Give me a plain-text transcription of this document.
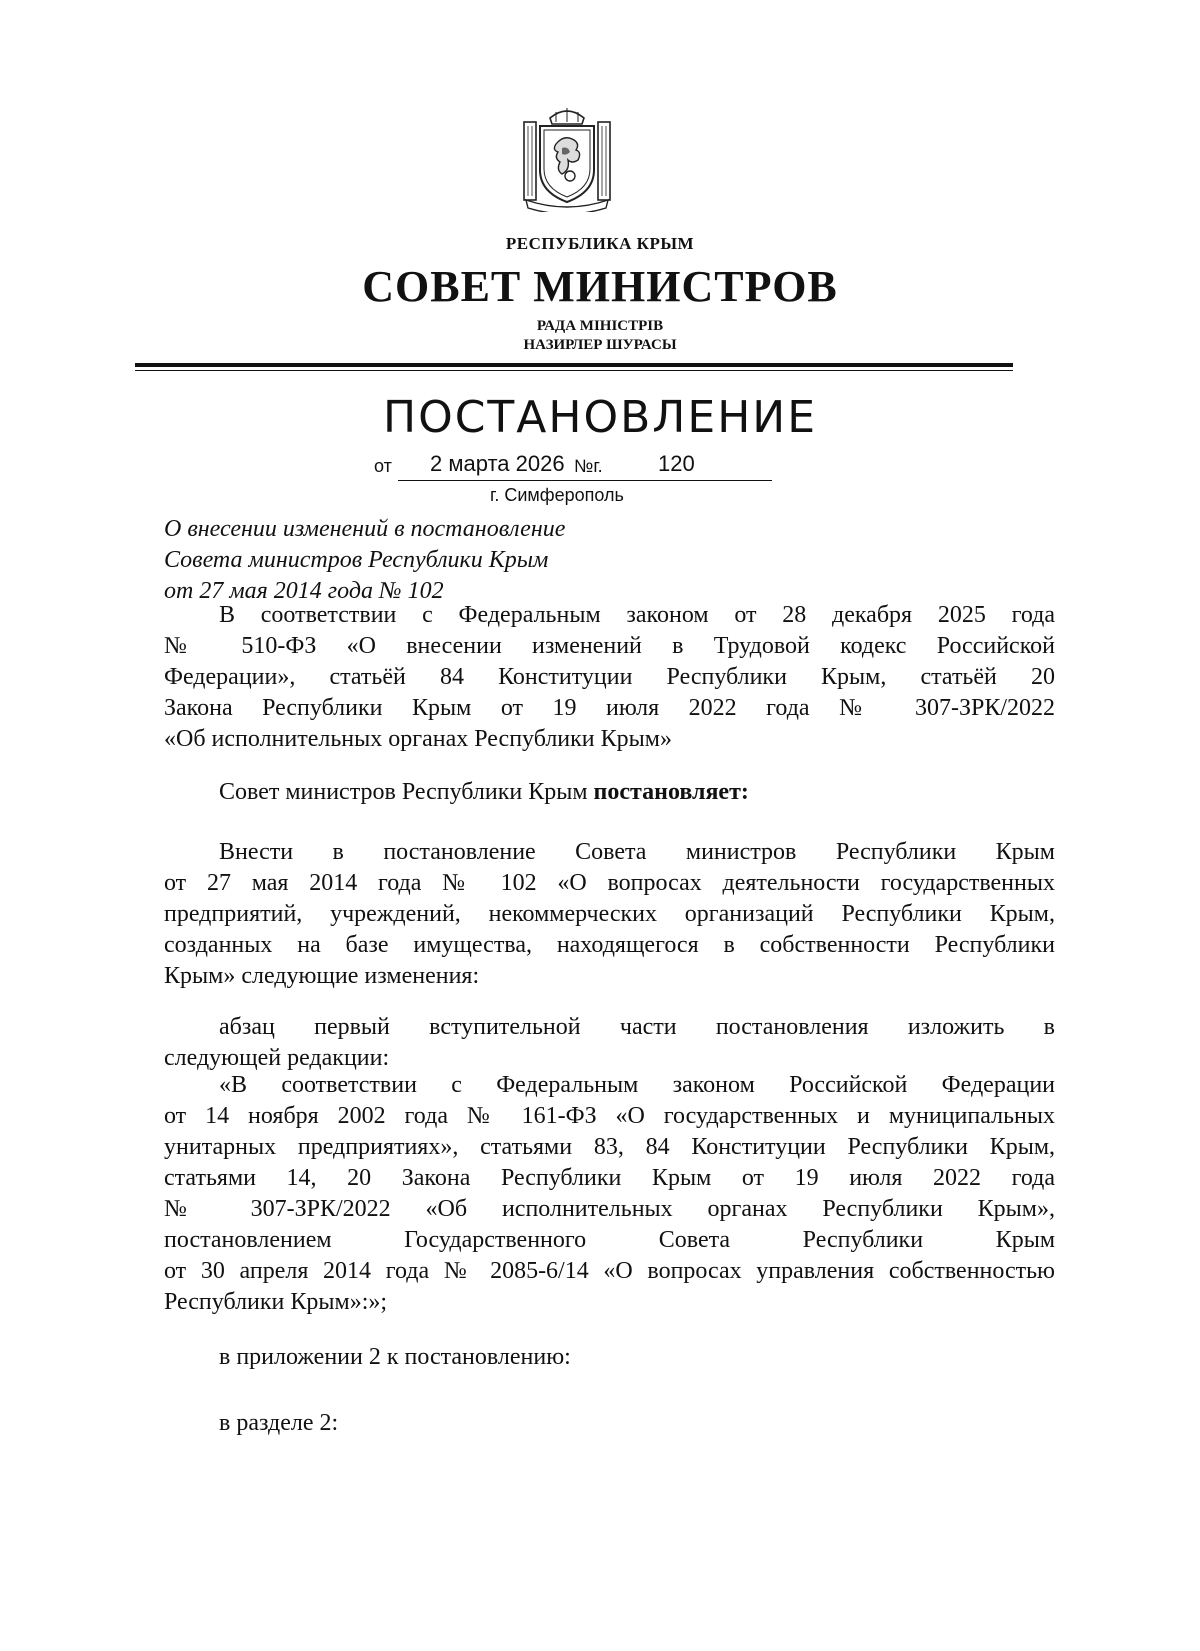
РЕСПУБЛИКА КРЫМ
СОВЕТ МИНИСТРОВ
РАДА МІНІСТРІВ
НАЗИРЛЕР ШУРАСЫ
ПОСТАНОВЛЕНИЕ
от 2 марта 2026 №г.	120
г. Симферополь
О внесении изменений в постановление
Совета министров Республики Крым
от 27 мая 2014 года № 102
В соответствии с Федеральным законом от 28 декабря 2025 года
№ 510-ФЗ «О внесении изменений в Трудовой кодекс Российской
Федерации», статьёй 84 Конституции Республики Крым, статьёй 20
Закона Республики Крым от 19 июля 2022 года № 307-ЗРК/2022
«Об исполнительных органах Республики Крым»
Совет министров Республики Крым постановляет:
Внести в постановление Совета министров Республики Крым
от 27 мая 2014 года № 102 «О вопросах деятельности государственных
предприятий, учреждений, некоммерческих организаций Республики Крым,
созданных на базе имущества, находящегося в собственности Республики
Крым» следующие изменения:
абзац первый вступительной части постановления изложить в
следующей редакции:
«В соответствии с Федеральным законом Российской Федерации
от 14 ноября 2002 года № 161-ФЗ «О государственных и муниципальных
унитарных предприятиях», статьями 83, 84 Конституции Республики Крым,
статьями 14, 20 Закона Республики Крым от 19 июля 2022 года
№ 307-ЗРК/2022 «Об исполнительных органах Республики Крым»,
постановлением Государственного Совета Республики Крым
от 30 апреля 2014 года № 2085-6/14 «О вопросах управления собственностью
Республики Крым»:»;
в приложении 2 к постановлению:
в разделе 2:
